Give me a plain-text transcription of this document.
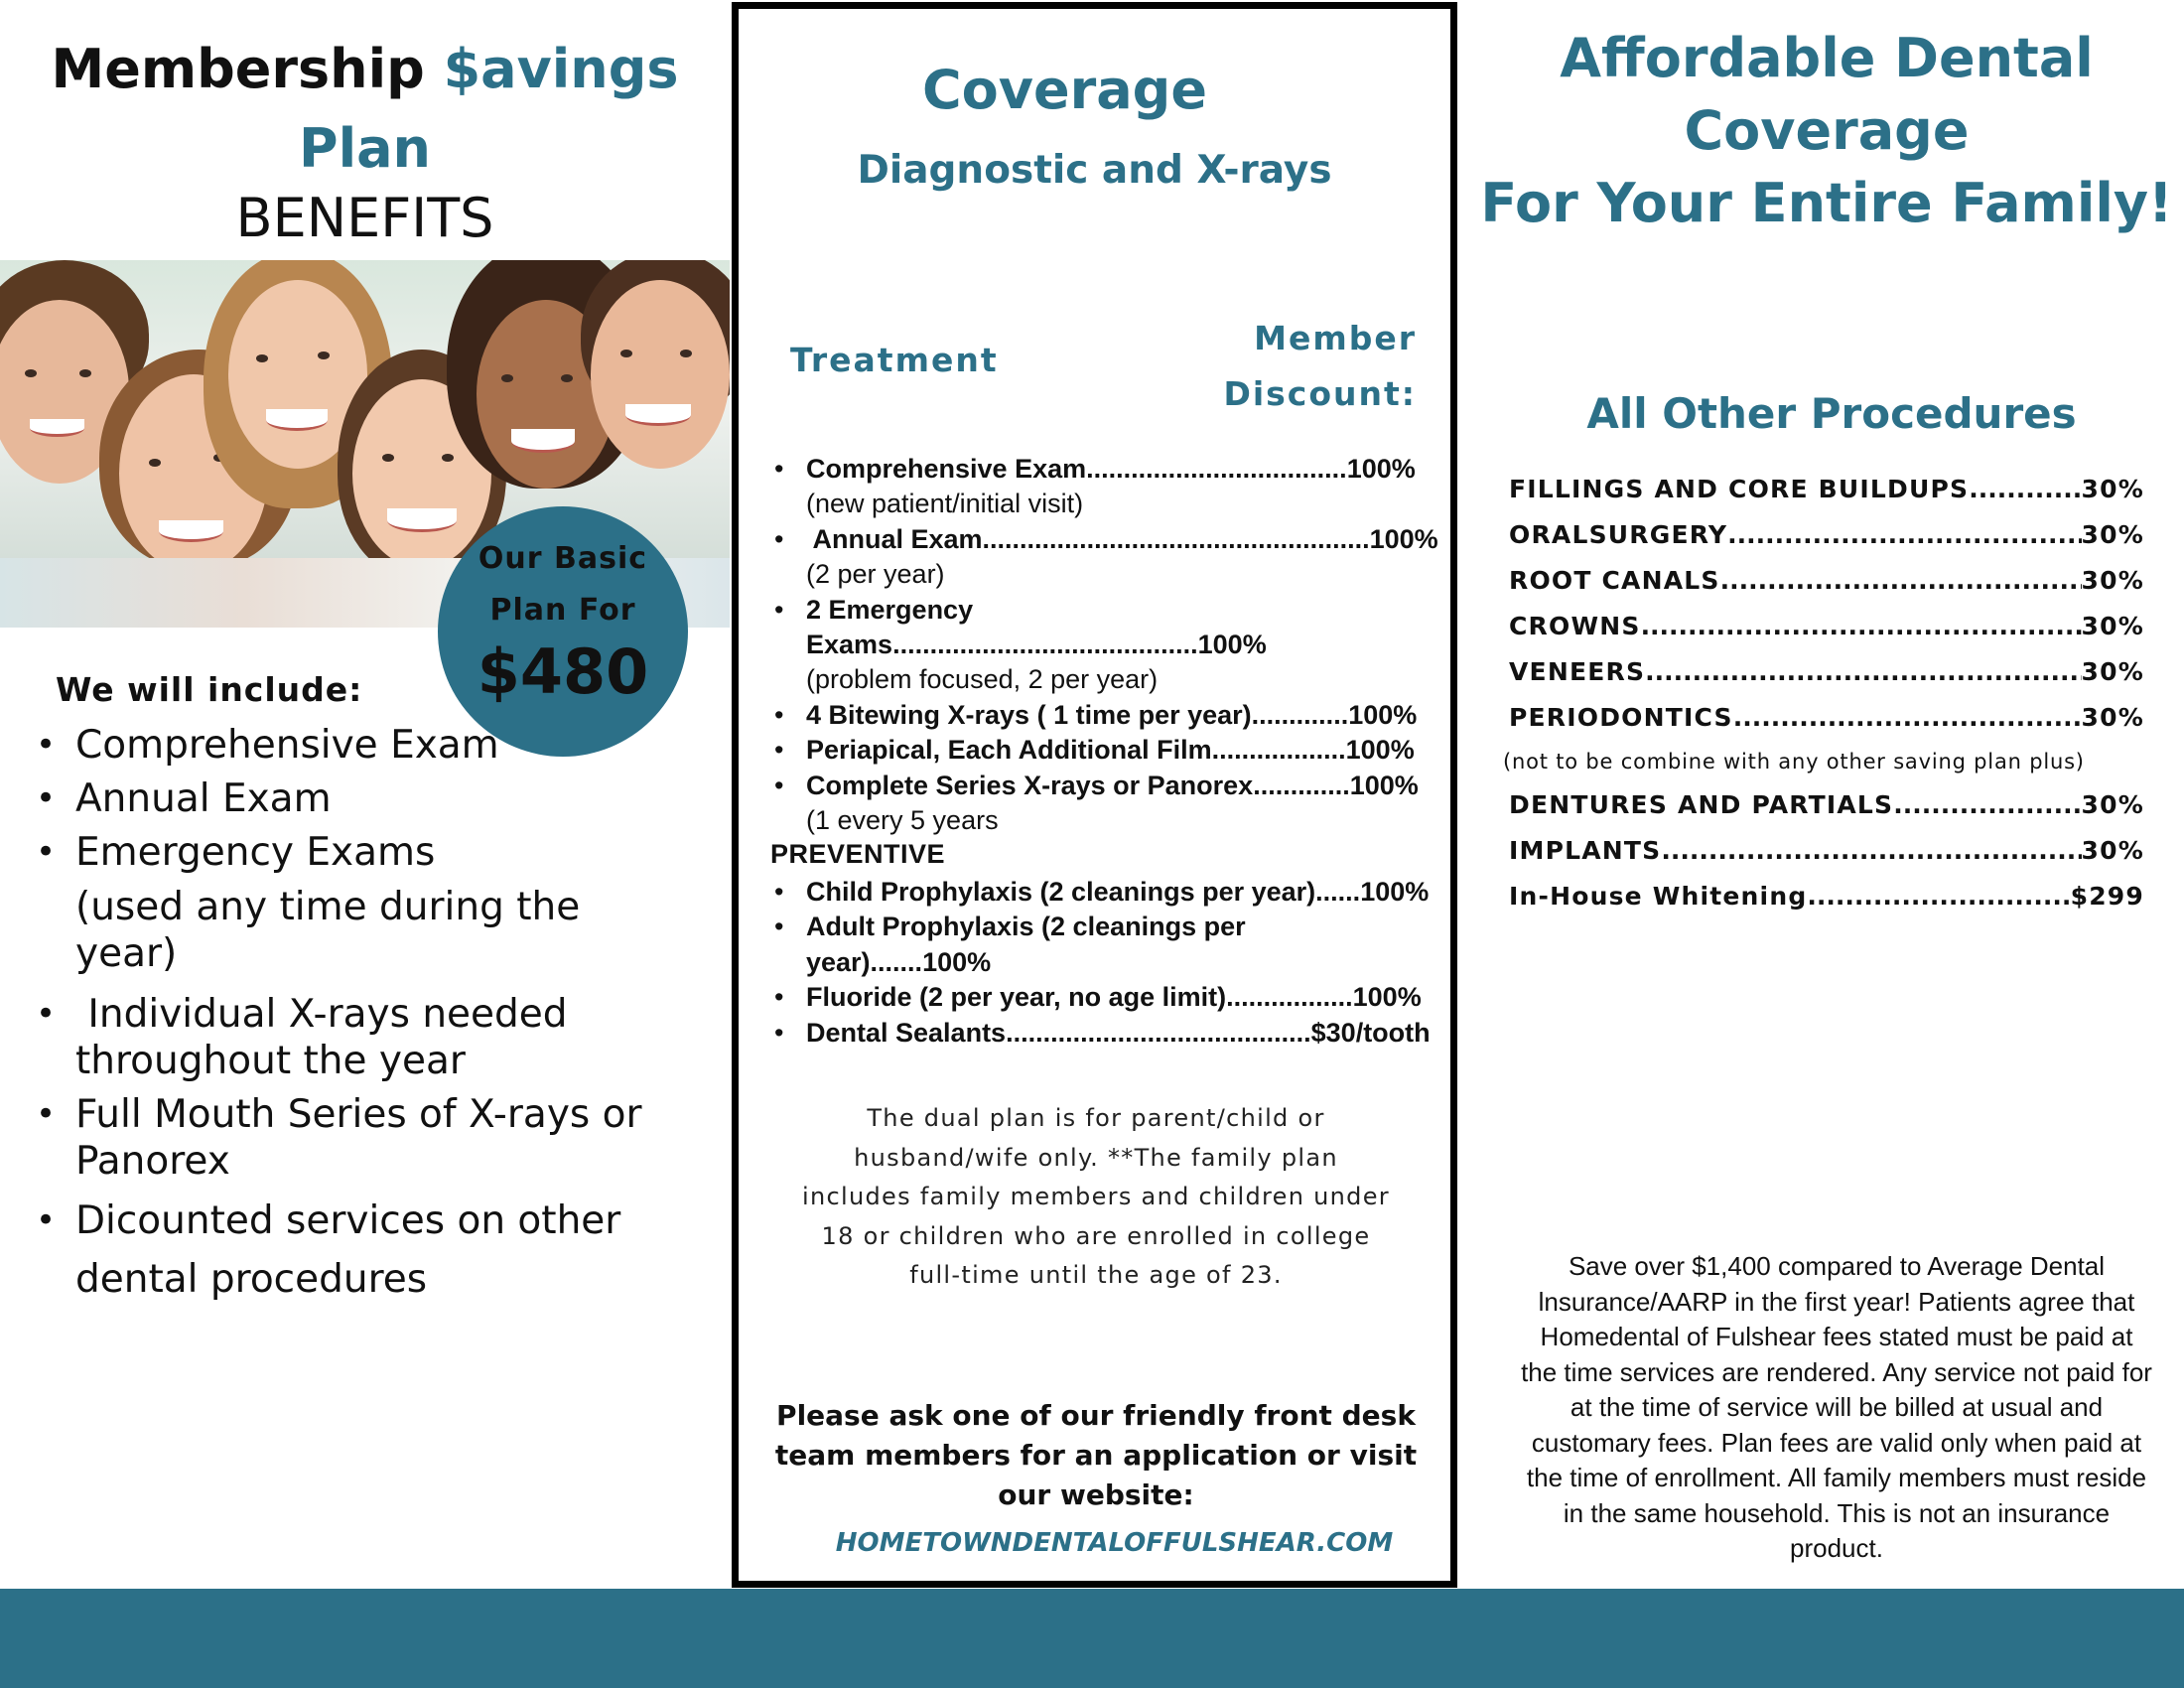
Membership $avings
Plan
BENEFITS
Our Basic
Plan For
$480
We will include:
• Comprehensive Exam
• Annual Exam
• Emergency Exams
(used any time during the year)
•  Individual X-rays needed throughout the year
• Full Mouth Series of X-rays or Panorex
• Dicounted services on other dental procedures
Coverage
Diagnostic and X-rays
Treatment
Member
Discount:
• Comprehensive Exam...................................100%
(new patient/initial visit)
•  Annual Exam....................................................100%
(2 per year)
• 2 Emergency Exams.........................................100%
(problem focused, 2 per year)
• 4 Bitewing X-rays ( 1 time per year).............100%
• Periapical, Each Additional Film..................100%
• Complete Series X-rays or Panorex.............100%
(1 every 5 years
PREVENTIVE
• Child Prophylaxis (2 cleanings per year)......100%
• Adult Prophylaxis (2 cleanings per year).......100%
• Fluoride (2 per year, no age limit).................100%
• Dental Sealants.........................................$30/tooth

The dual plan is for parent/child or husband/wife only. **The family plan includes family members and children under 18 or children who are enrolled in college full-time until the age of 23.

Please ask one of our friendly front desk team members for an application or visit our website:

HOMETOWNDENTALOFFULSHEAR.COM
Affordable Dental
Coverage
For Your Entire Family!
All Other Procedures
FILLINGS AND CORE BUILDUPS .....	30%
ORALSURGERY .....	30%
ROOT CANALS .....	30%
CROWNS .....	30%
VENEERS .....	30%
PERIODONTICS .....	30%
(not to be combine with any other saving plan plus)
DENTURES AND PARTIALS .....	30%
IMPLANTS .....	30%
In-House Whitening .....	$299

Save over $1,400 compared to Average Dental lnsurance/AARP in the first year! Patients agree that Homedental of Fulshear fees stated must be paid at the time services are rendered. Any service not paid for at the time of service will be billed at usual and customary fees. Plan fees are valid only when paid at the time of enrollment. All family members must reside in the same household. This is not an insurance product.
